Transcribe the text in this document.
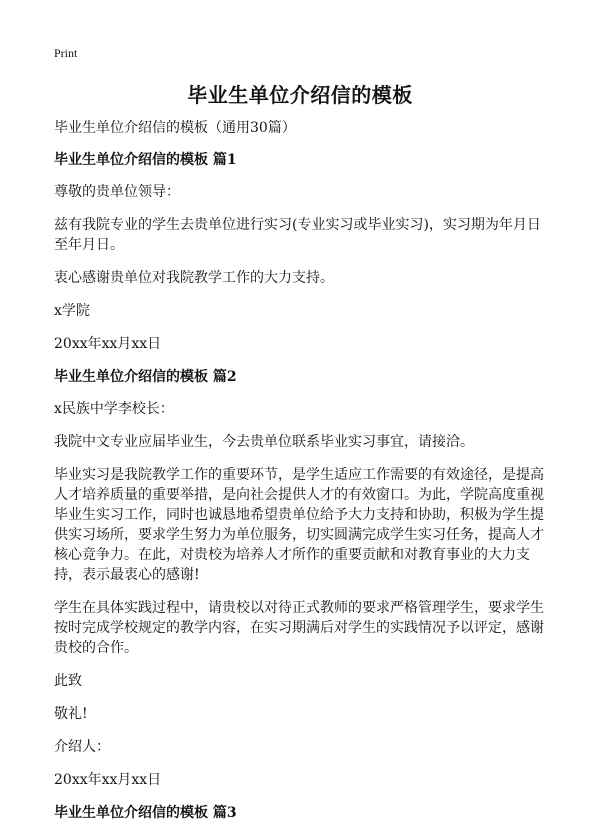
Print
毕业生单位介绍信的模板

毕业生单位介绍信的模板（通用30篇）

毕业生单位介绍信的模板 篇1

尊敬的贵单位领导：

兹有我院专业的学生去贵单位进行实习(专业实习或毕业实习)，实习期为年月日至年月日。

衷心感谢贵单位对我院教学工作的大力支持。

x学院

20xx年xx月xx日

毕业生单位介绍信的模板 篇2

x民族中学李校长：

我院中文专业应届毕业生，今去贵单位联系毕业实习事宜，请接洽。

毕业实习是我院教学工作的重要环节，是学生适应工作需要的有效途径，是提高人才培养质量的重要举措，是向社会提供人才的有效窗口。为此，学院高度重视毕业生实习工作，同时也诚恳地希望贵单位给予大力支持和协助，积极为学生提供实习场所，要求学生努力为单位服务，切实圆满完成学生实习任务，提高人才核心竞争力。在此，对贵校为培养人才所作的重要贡献和对教育事业的大力支持，表示最衷心的感谢!

学生在具体实践过程中，请贵校以对待正式教师的要求严格管理学生，要求学生按时完成学校规定的教学内容，在实习期满后对学生的实践情况予以评定，感谢贵校的合作。

此致

敬礼!

介绍人：

20xx年xx月xx日

毕业生单位介绍信的模板 篇3
